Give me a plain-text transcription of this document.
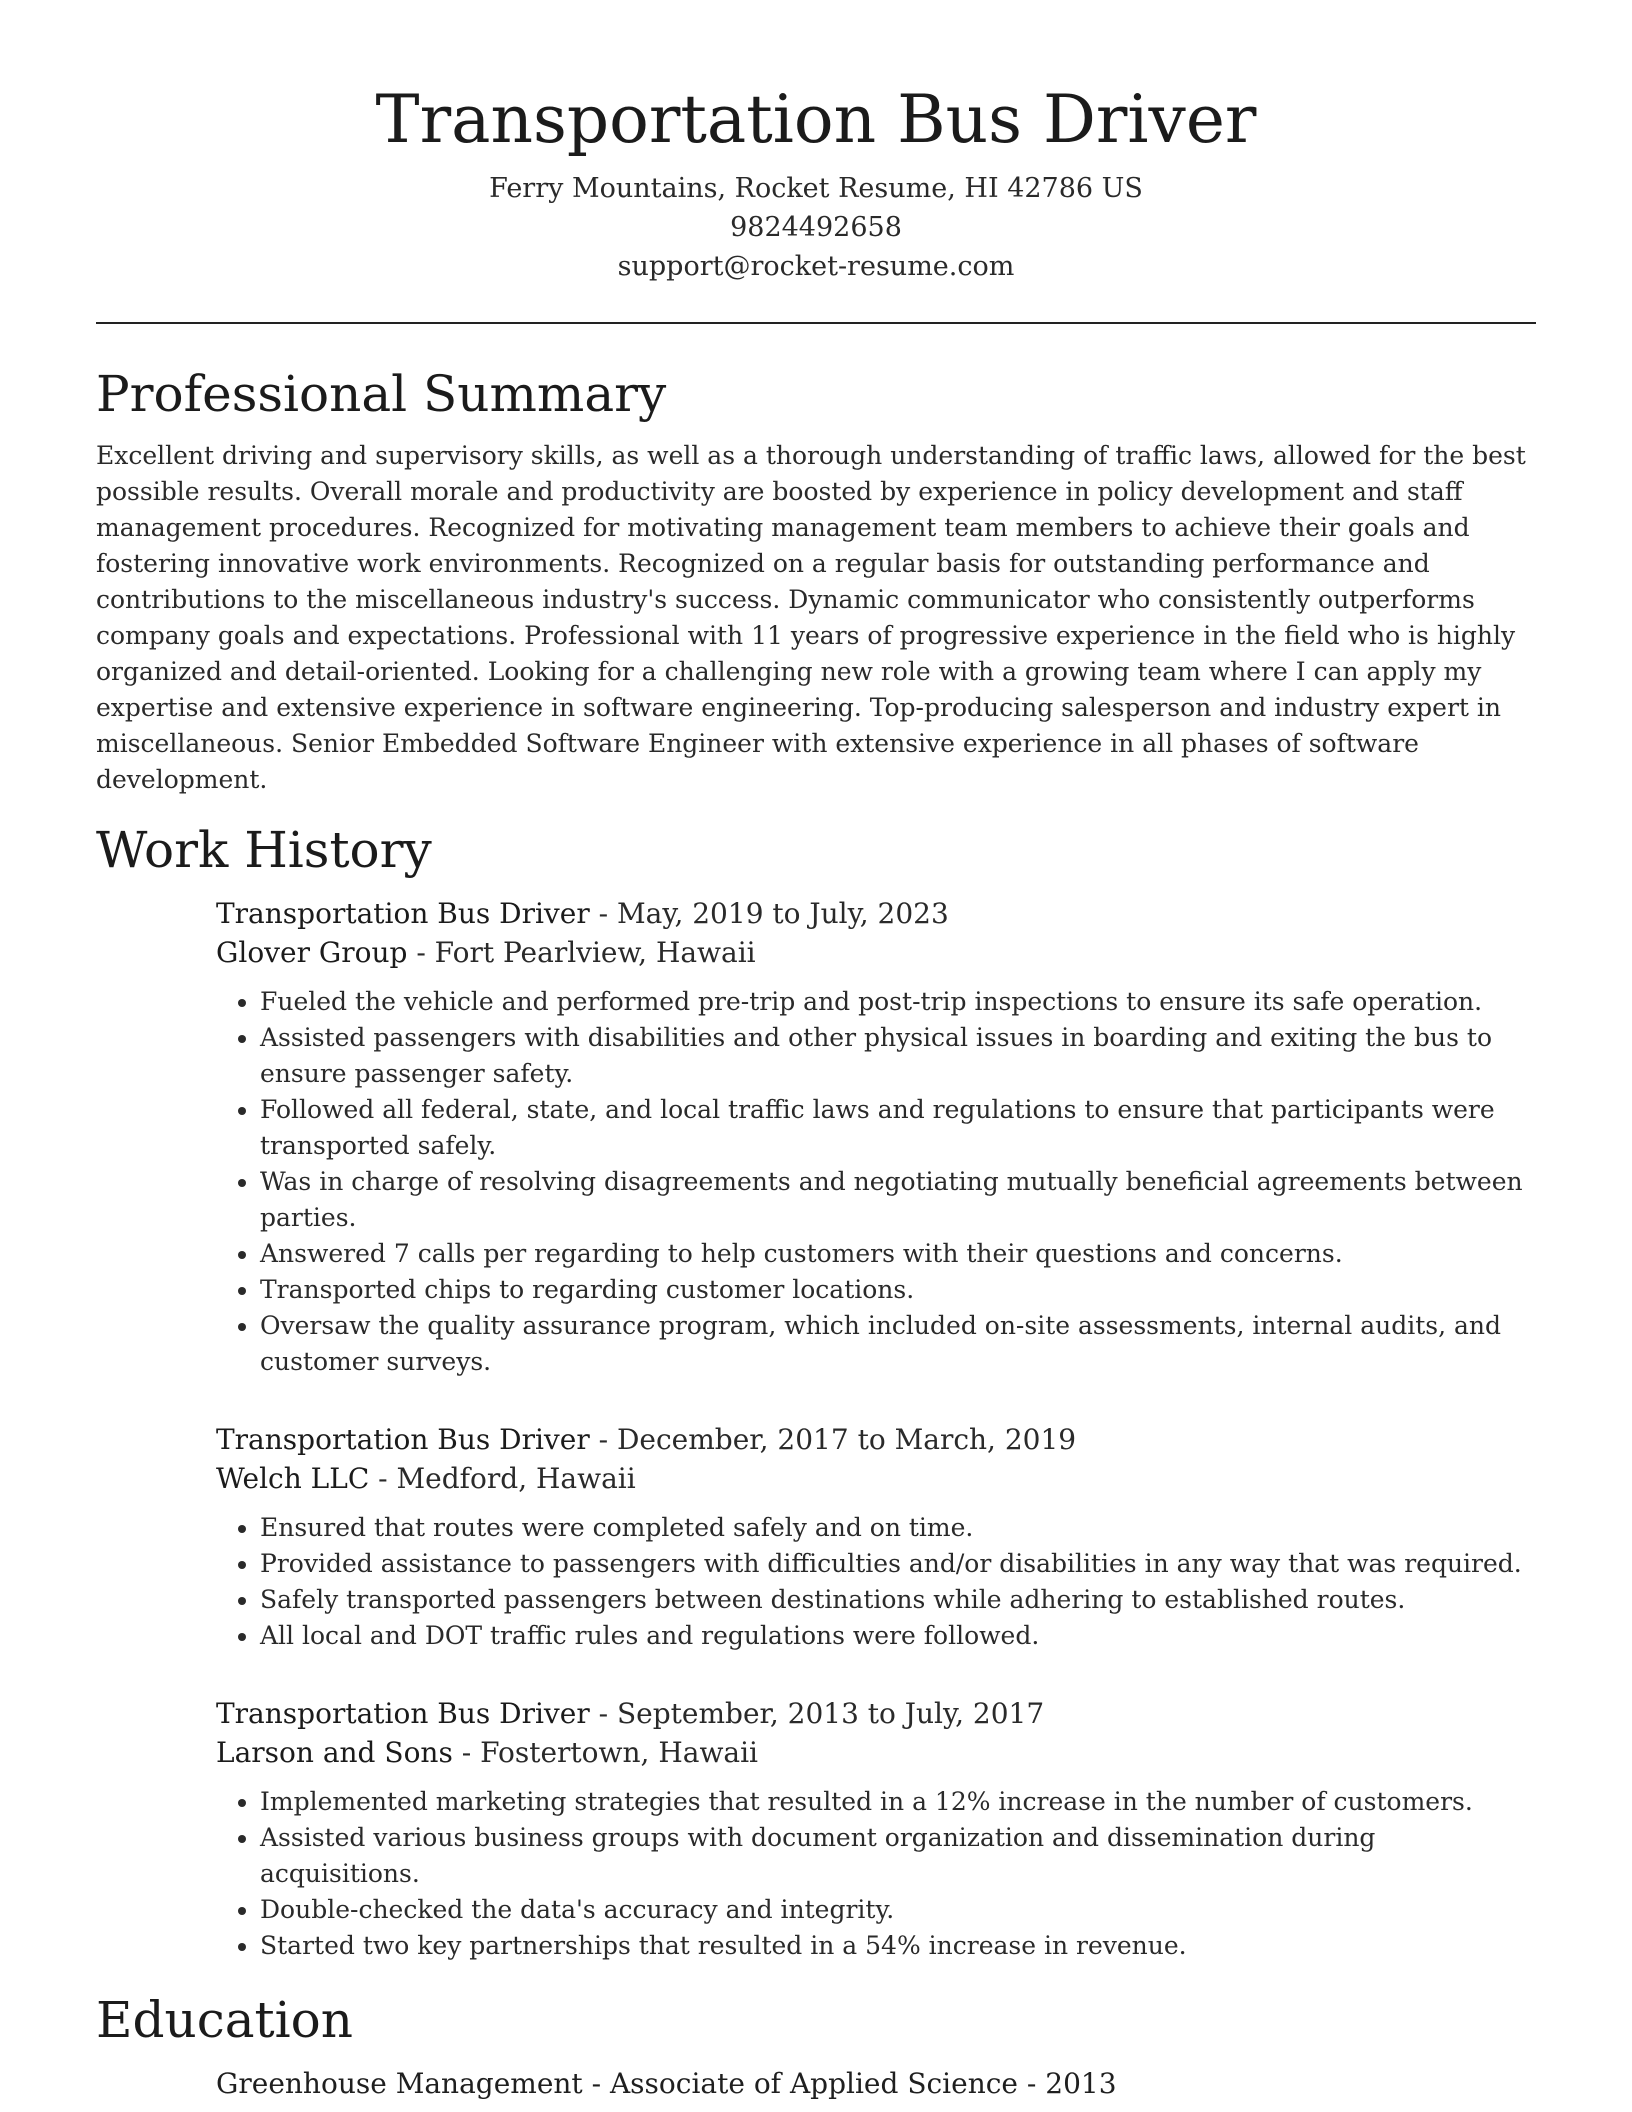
Transportation Bus Driver
Ferry Mountains, Rocket Resume, HI 42786 US
9824492658
support@rocket-resume.com
Professional Summary

Excellent driving and supervisory skills, as well as a thorough understanding of traffic laws, allowed for the best possible results. Overall morale and productivity are boosted by experience in policy development and staff management procedures. Recognized for motivating management team members to achieve their goals and fostering innovative work environments. Recognized on a regular basis for outstanding performance and contributions to the miscellaneous industry's success. Dynamic communicator who consistently outperforms company goals and expectations. Professional with 11 years of progressive experience in the field who is highly organized and detail-oriented. Looking for a challenging new role with a growing team where I can apply my expertise and extensive experience in software engineering. Top-producing salesperson and industry expert in miscellaneous. Senior Embedded Software Engineer with extensive experience in all phases of software development.

Work History
Transportation Bus Driver - May, 2019 to July, 2023
Glover Group - Fort Pearlview, Hawaii
• Fueled the vehicle and performed pre-trip and post-trip inspections to ensure its safe operation.
• Assisted passengers with disabilities and other physical issues in boarding and exiting the bus to ensure passenger safety.
• Followed all federal, state, and local traffic laws and regulations to ensure that participants were transported safely.
• Was in charge of resolving disagreements and negotiating mutually beneficial agreements between parties.
• Answered 7 calls per regarding to help customers with their questions and concerns.
• Transported chips to regarding customer locations.
• Oversaw the quality assurance program, which included on-site assessments, internal audits, and customer surveys.
Transportation Bus Driver - December, 2017 to March, 2019
Welch LLC - Medford, Hawaii
• Ensured that routes were completed safely and on time.
• Provided assistance to passengers with difficulties and/or disabilities in any way that was required.
• Safely transported passengers between destinations while adhering to established routes.
• All local and DOT traffic rules and regulations were followed.
Transportation Bus Driver - September, 2013 to July, 2017
Larson and Sons - Fostertown, Hawaii
• Implemented marketing strategies that resulted in a 12% increase in the number of customers.
• Assisted various business groups with document organization and dissemination during acquisitions.
• Double-checked the data's accuracy and integrity.
• Started two key partnerships that resulted in a 54% increase in revenue.
Education
Greenhouse Management - Associate of Applied Science - 2013
